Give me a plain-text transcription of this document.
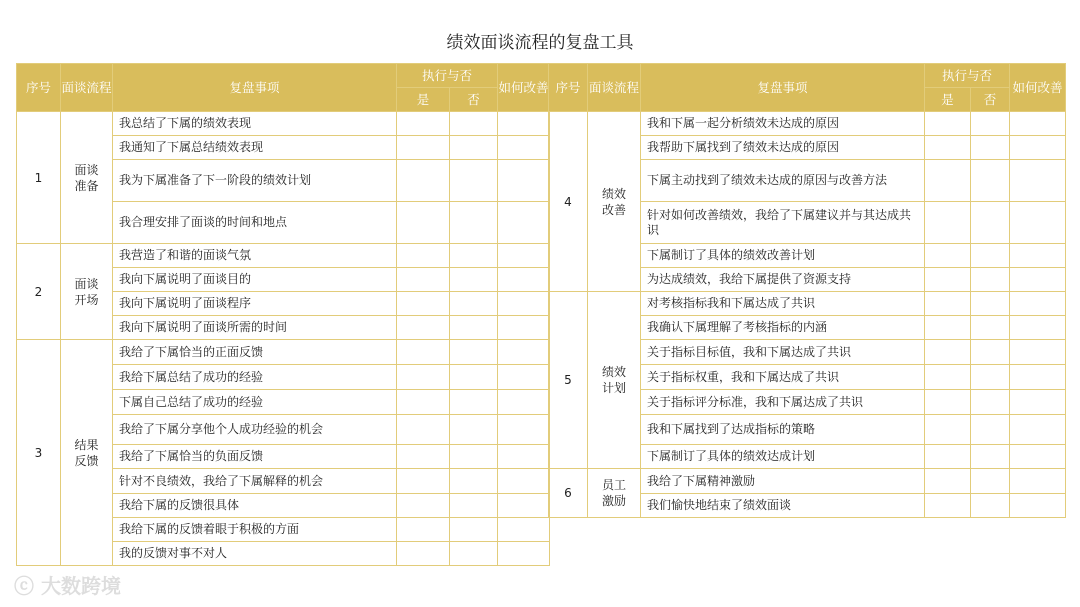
绩效面谈流程的复盘工具
序号	面谈流程	复盘事项	执行与否		如何改善
			是	否	
1	面谈准备	我总结了下属的绩效表现			
		我通知了下属总结绩效表现			
		我为下属准备了下一阶段的绩效计划			
		我合理安排了面谈的时间和地点			
2	面谈开场	我营造了和谐的面谈气氛			
		我向下属说明了面谈目的			
		我向下属说明了面谈程序			
		我向下属说明了面谈所需的时间			
3	结果反馈	我给了下属恰当的正面反馈			
		我给下属总结了成功的经验			
		下属自己总结了成功的经验			
		我给了下属分享他个人成功经验的机会			
		我给了下属恰当的负面反馈			
		针对不良绩效，我给了下属解释的机会			
		我给下属的反馈很具体			
		我给下属的反馈着眼于积极的方面			
		我的反馈对事不对人			
序号	面谈流程	复盘事项	执行与否		如何改善
			是	否	
4	绩效改善	我和下属一起分析绩效未达成的原因			
		我帮助下属找到了绩效未达成的原因			
		下属主动找到了绩效未达成的原因与改善方法			
		针对如何改善绩效，我给了下属建议并与其达成共识			
		下属制订了具体的绩效改善计划			
		为达成绩效，我给下属提供了资源支持			
5	绩效计划	对考核指标我和下属达成了共识			
		我确认下属理解了考核指标的内涵			
		关于指标目标值，我和下属达成了共识			
		关于指标权重，我和下属达成了共识			
		关于指标评分标准，我和下属达成了共识			
		我和下属找到了达成指标的策略			
		下属制订了具体的绩效达成计划			
6	员工激励	我给了下属精神激励			
		我们愉快地结束了绩效面谈			
ⓒ 大数跨境
